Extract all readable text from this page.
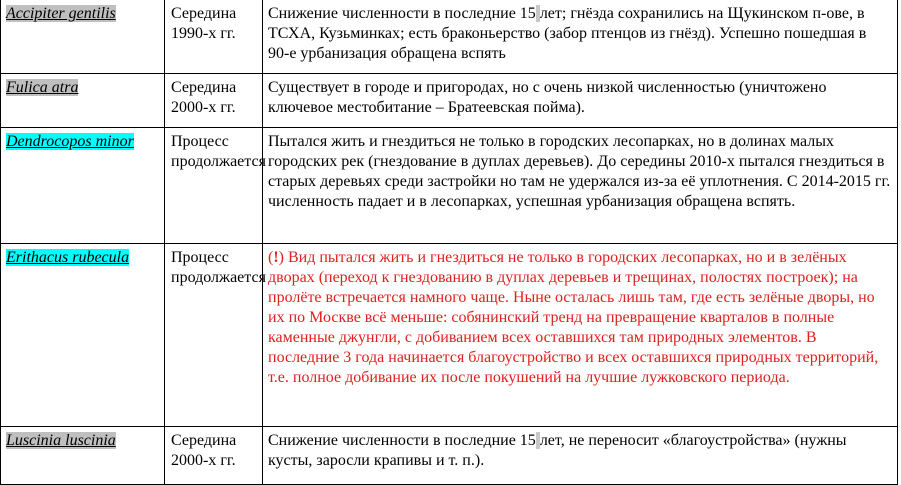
Accipiter gentilis	Середина 1990-х гг.	Снижение численности в последние 15 лет; гнёзда сохранились на Щукинском п-ове, в ТСХА, Кузьминках; есть браконьерство (забор птенцов из гнёзд). Успешно пошедшая в 90-е урбанизация обращена вспять
Fulica atra	Середина 2000-х гг.	Существует в городе и пригородах, но с очень низкой численностью (уничтожено ключевое местобитание – Братеевская пойма).
Dendrocopos minor	Процесс продолжается	Пытался жить и гнездиться не только в городских лесопарках, но в долинах малых городских рек (гнездование в дуплах деревьев). До середины 2010-х пытался гнездиться в старых деревьях среди застройки но там не удержался из-за её уплотнения. С 2014-2015 гг. численность падает и в лесопарках, успешная урбанизация обращена вспять.
Erithacus rubecula	Процесс продолжается	(!) Вид пытался жить и гнездиться не только в городских лесопарках, но и в зелёных дворах (переход к гнездованию в дуплах деревьев и трещинах, полостях построек); на пролёте встречается намного чаще. Ныне осталась лишь там, где есть зелёные дворы, но их по Москве всё меньше: собянинский тренд на превращение кварталов в полные каменные джунгли, с добиванием всех оставшихся там природных элементов. В последние 3 года начинается благоустройство и всех оставшихся природных территорий, т.е. полное добивание их после покушений на лучшие лужковского периода.
Luscinia luscinia	Середина 2000-х гг.	Снижение численности в последние 15 лет, не переносит «благоустройства» (нужны кусты, заросли крапивы и т. п.).
